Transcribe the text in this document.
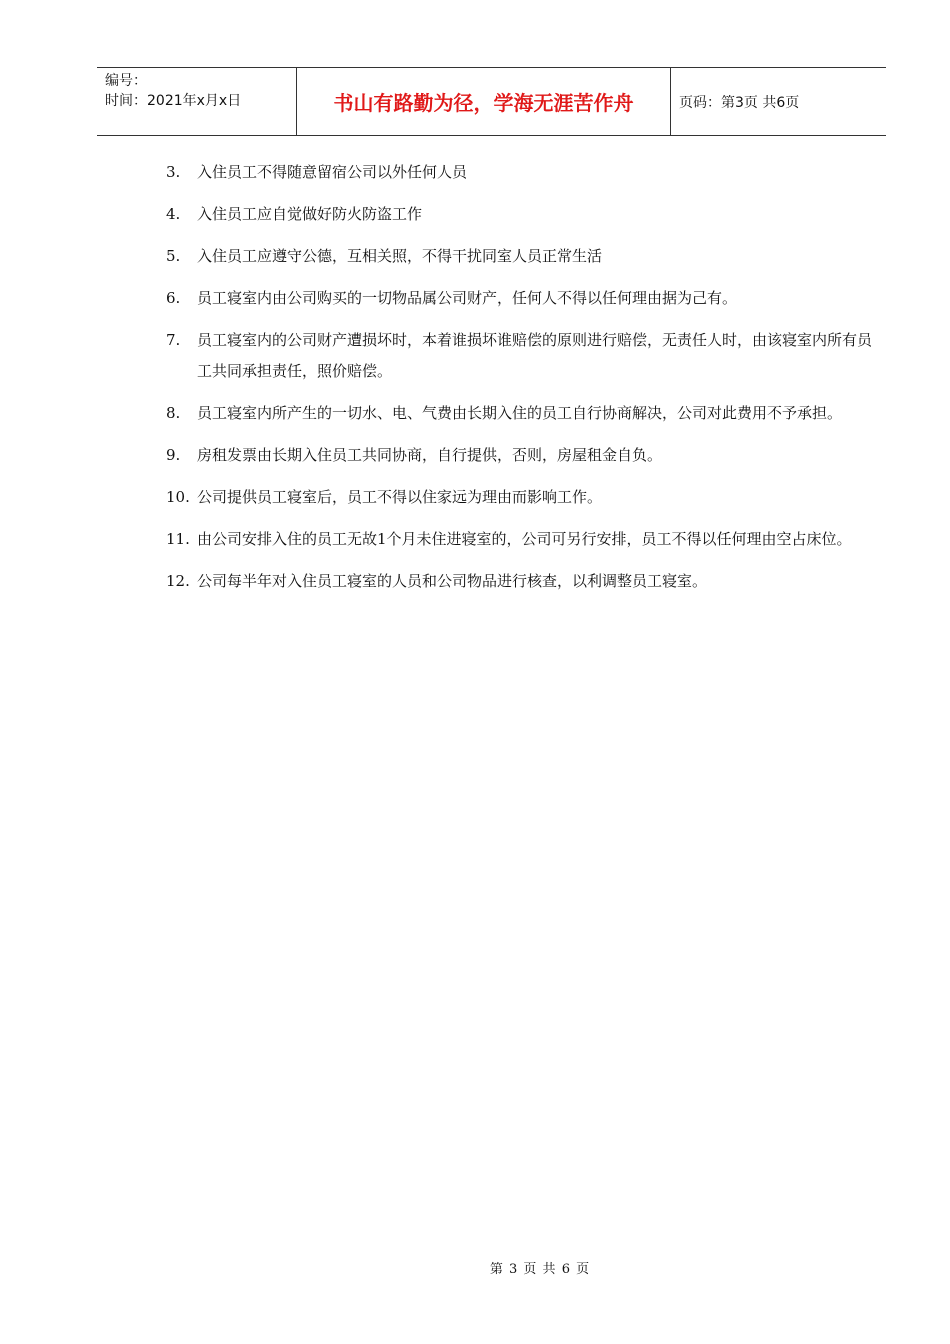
编号：
时间：2021年x月x日	书山有路勤为径，学海无涯苦作舟	页码：第3页 共6页
3. 入住员工不得随意留宿公司以外任何人员
4. 入住员工应自觉做好防火防盗工作
5. 入住员工应遵守公德，互相关照，不得干扰同室人员正常生活
6. 员工寝室内由公司购买的一切物品属公司财产，任何人不得以任何理由据为己有。
7. 员工寝室内的公司财产遭损坏时，本着谁损坏谁赔偿的原则进行赔偿，无责任人时，由该寝室内所有员工共同承担责任，照价赔偿。
8. 员工寝室内所产生的一切水、电、气费由长期入住的员工自行协商解决，公司对此费用不予承担。
9. 房租发票由长期入住员工共同协商，自行提供，否则，房屋租金自负。
10. 公司提供员工寝室后，员工不得以住家远为理由而影响工作。
11. 由公司安排入住的员工无故1个月未住进寝室的，公司可另行安排，员工不得以任何理由空占床位。
12. 公司每半年对入住员工寝室的人员和公司物品进行核查，以利调整员工寝室。
第 3 页 共 6 页
